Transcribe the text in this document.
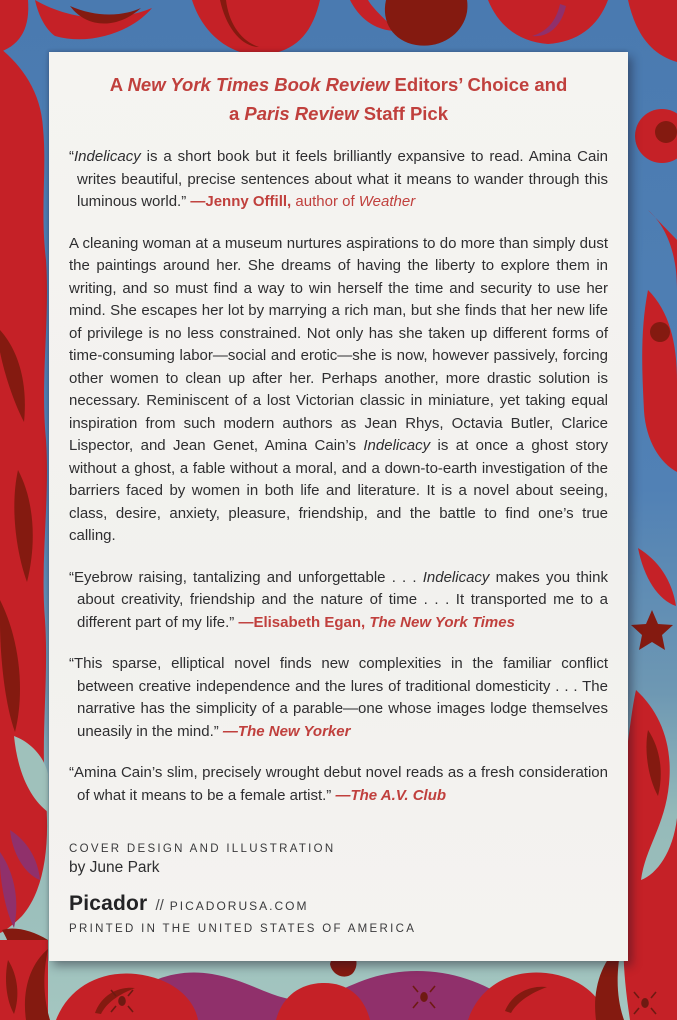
A New York Times Book Review Editors’ Choice and
a Paris Review Staff Pick

“Indelicacy is a short book but it feels brilliantly expansive to read. Amina Cain writes beautiful, precise sentences about what it means to wander through this luminous world.” —Jenny Offill, author of Weather

A cleaning woman at a museum nurtures aspirations to do more than simply dust the paintings around her. She dreams of having the liberty to explore them in writing, and so must find a way to win herself the time and security to use her mind. She escapes her lot by marrying a rich man, but she finds that her new life of privilege is no less constrained. Not only has she taken up different forms of time-consuming labor—social and erotic—she is now, however passively, forcing other women to clean up after her. Perhaps another, more drastic solution is necessary. Reminiscent of a lost Victorian classic in miniature, yet taking equal inspiration from such modern authors as Jean Rhys, Octavia Butler, Clarice Lispector, and Jean Genet, Amina Cain’s Indelicacy is at once a ghost story without a ghost, a fable without a moral, and a down-to-earth investigation of the barriers faced by women in both life and literature. It is a novel about seeing, class, desire, anxiety, pleasure, friendship, and the battle to find one’s true calling.

“Eyebrow raising, tantalizing and unforgettable . . . Indelicacy makes you think about creativity, friendship and the nature of time . . . It transported me to a different part of my life.” —Elisabeth Egan, The New York Times

“This sparse, elliptical novel finds new complexities in the familiar conflict between creative independence and the lures of traditional domesticity . . . The narrative has the simplicity of a parable—one whose images lodge themselves uneasily in the mind.” —The New Yorker

“Amina Cain’s slim, precisely wrought debut novel reads as a fresh consideration of what it means to be a female artist.” —The A.V. Club

COVER DESIGN AND ILLUSTRATION
by June Park
Picador // PICADORUSA.COM
PRINTED IN THE UNITED STATES OF AMERICA
